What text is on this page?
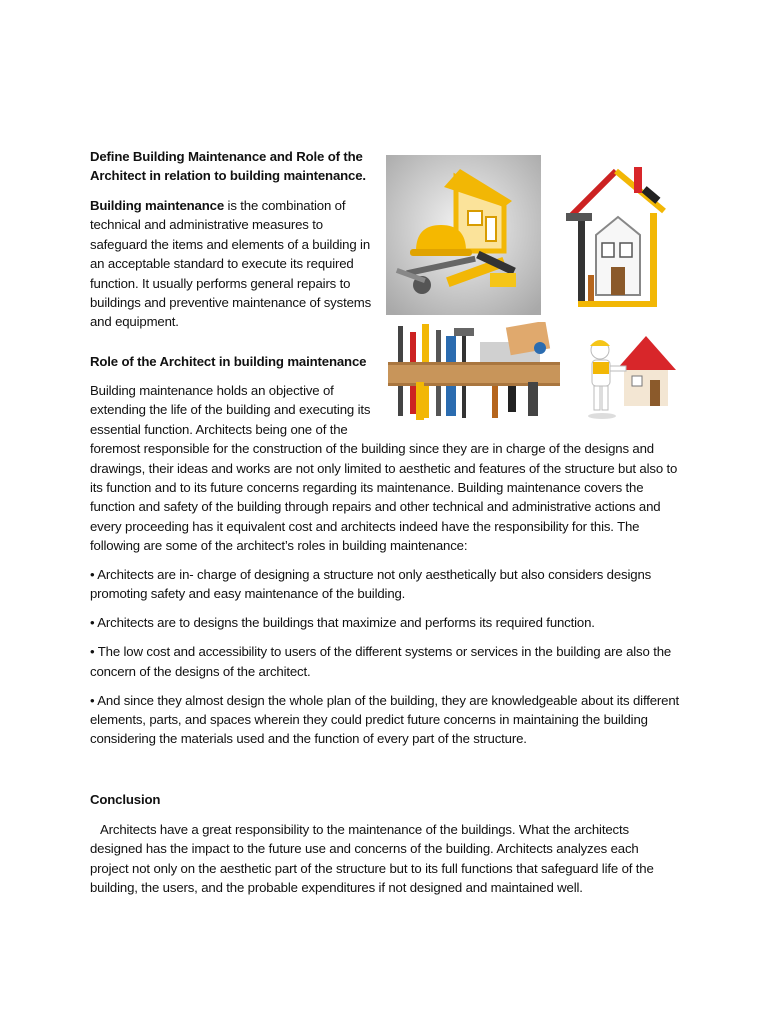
Define Building Maintenance and Role of the Architect in relation to building maintenance.
Building maintenance is the combination of technical and administrative measures to safeguard the items and elements of a building in an acceptable standard to execute its required function. It usually performs general repairs to buildings and preventive maintenance of systems and equipment.
Role of the Architect in building maintenance

Building maintenance holds an objective of extending the life of the building and executing its essential function. Architects being one of the foremost responsible for the construction of the building since they are in charge of the designs and drawings, their ideas and works are not only limited to aesthetic and features of the structure but also to its function and to its future concerns regarding its maintenance. Building maintenance covers the function and safety of the building through repairs and other technical and administrative actions and every proceeding has it equivalent cost and architects indeed have the responsibility for this. The following are some of the architect’s roles in building maintenance:

• Architects are in- charge of designing a structure not only aesthetically but also considers designs promoting safety and easy maintenance of the building.

• Architects are to designs the buildings that maximize and performs its required function.

• The low cost and accessibility to users of the different systems or services in the building are also the concern of the designs of the architect.

• And since they almost design the whole plan of the building, they are knowledgeable about its different elements, parts, and spaces wherein they could predict future concerns in maintaining the building considering the materials used and the function of every part of the structure.

Conclusion
Architects have a great responsibility to the maintenance of the buildings. What the architects designed has the impact to the future use and concerns of the building. Architects analyzes each project not only on the aesthetic part of the structure but to its full functions that safeguard life of the building, the users, and the probable expenditures if not designed and maintained well.
